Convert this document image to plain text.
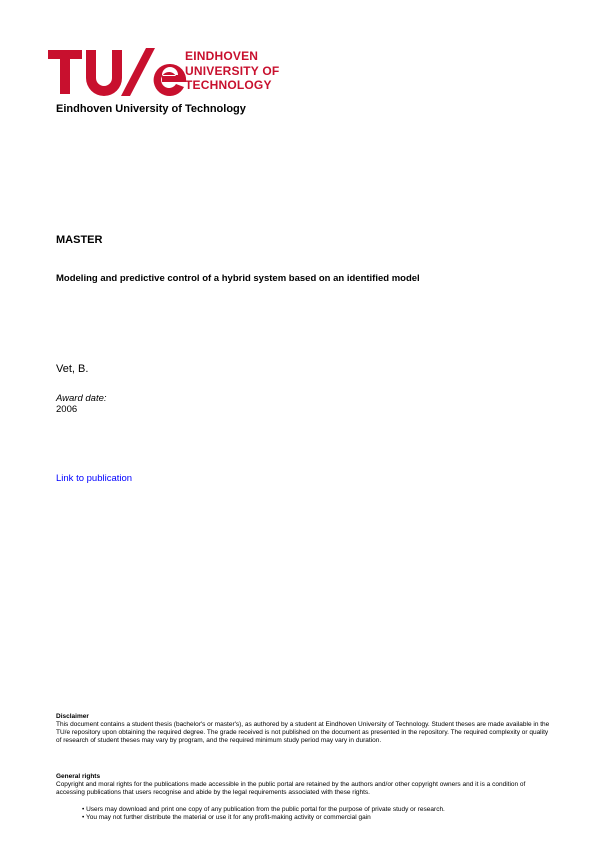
EINDHOVEN
UNIVERSITY OF
TECHNOLOGY
Eindhoven University of Technology
MASTER
Modeling and predictive control of a hybrid system based on an identified model
Vet, B.
Award date:
2006
Link to publication
Disclaimer
This document contains a student thesis (bachelor's or master's), as authored by a student at Eindhoven University of Technology. Student theses are made available in the TU/e repository upon obtaining the required degree. The grade received is not published on the document as presented in the repository. The required complexity or quality of research of student theses may vary by program, and the required minimum study period may vary in duration.
General rights
Copyright and moral rights for the publications made accessible in the public portal are retained by the authors and/or other copyright owners and it is a condition of accessing publications that users recognise and abide by the legal requirements associated with these rights.
• Users may download and print one copy of any publication from the public portal for the purpose of private study or research.
• You may not further distribute the material or use it for any profit-making activity or commercial gain
